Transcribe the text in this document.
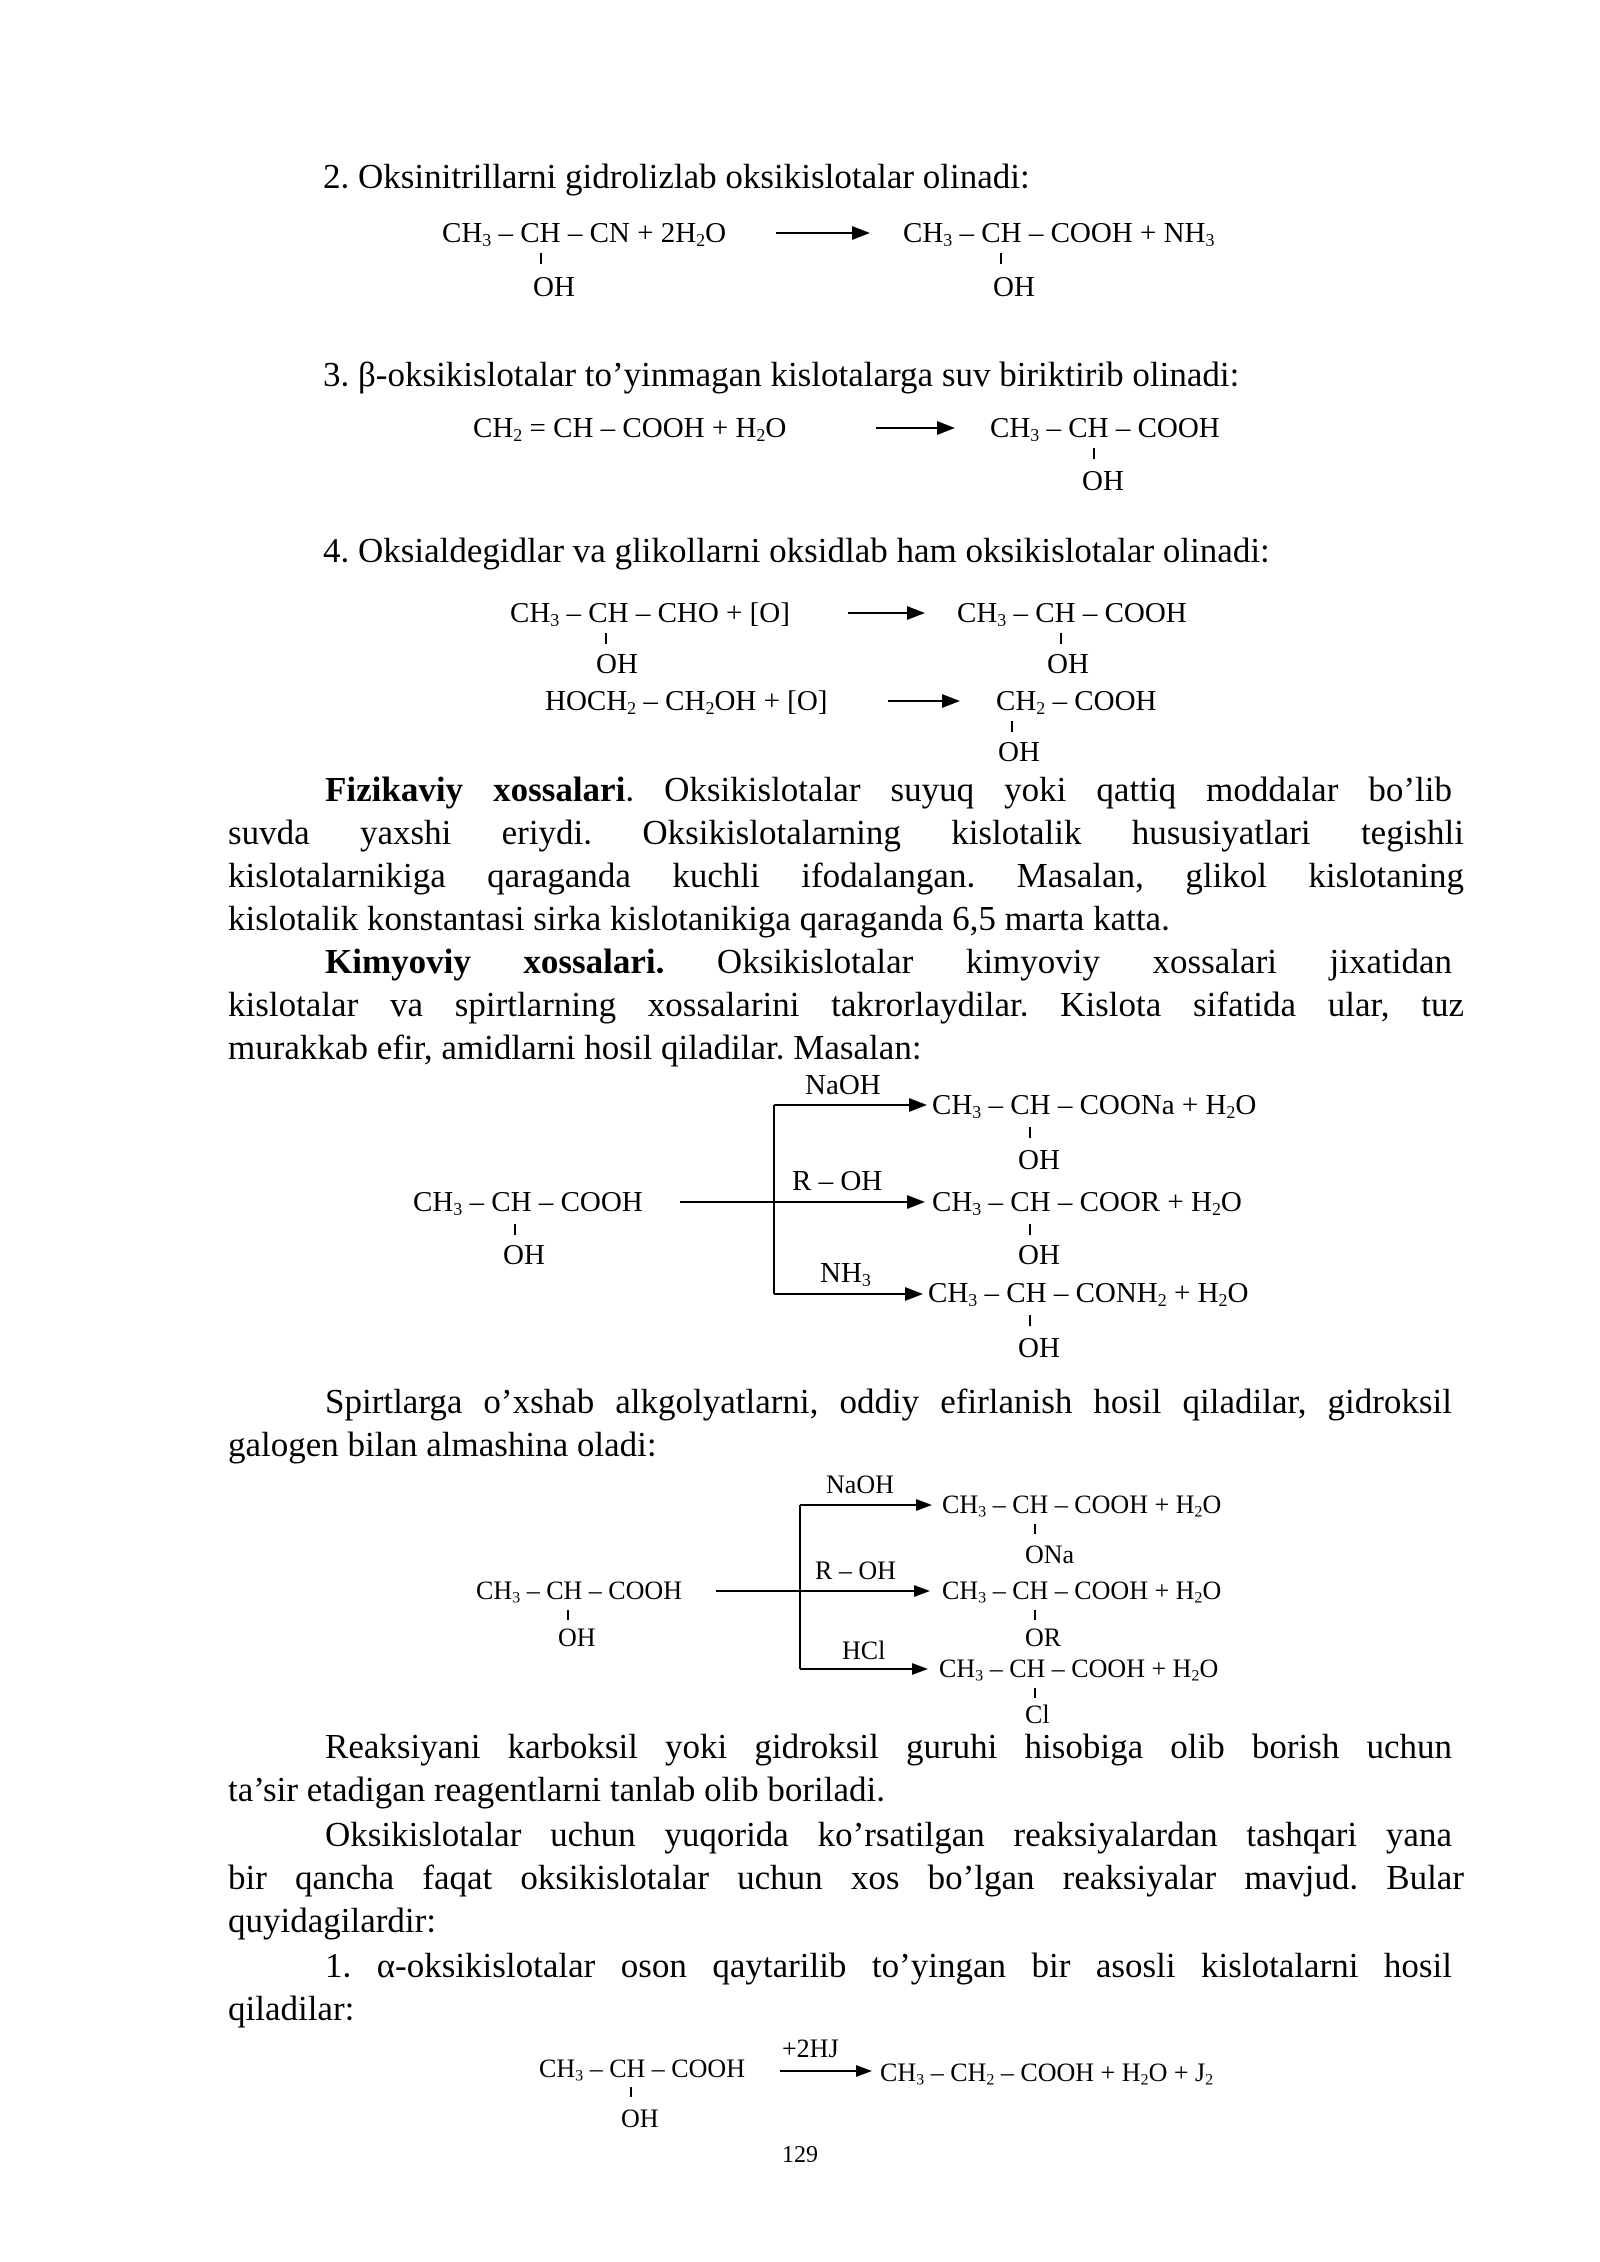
2. Oksinitrillarni gidrolizlab oksikislotalar olinadi:
$CH_3$ – CH – CN + $2H_2O$	$CH_3$ – CH – COOH + $NH_3$
OH	OH
3. β-oksikislotalar to’yinmagan kislotalarga suv biriktirib olinadi:
$CH_2$ = CH – COOH + $H_2O$	$CH_3$ – CH – COOH
OH
4. Oksialdegidlar va glikollarni oksidlab ham oksikislotalar olinadi:
$CH_3$ – CH – CHO + [O]	$CH_3$ – CH – COOH
OH	OH
$HOCH_2 - CH_2OH + [O]$	$CH_2$ – COOH
OH
Fizikaviy xossalari. Oksikislotalar suyuq yoki qattiq moddalar bo’lib
suvda yaxshi eriydi. Oksikislotalarning kislotalik hususiyatlari tegishli
kislotalarnikiga qaraganda kuchli ifodalangan. Masalan, glikol kislotaning
kislotalik konstantasi sirka kislotanikiga qaraganda 6,5 marta katta.
Kimyoviy xossalari. Oksikislotalar kimyoviy xossalari jixatidan
kislotalar va spirtlarning xossalarini takrorlaydilar. Kislota sifatida ular, tuz
murakkab efir, amidlarni hosil qiladilar. Masalan:
NaOH
$CH_3$ – CH – COONa + $H_2O$
OH
$CH_3$ – CH – COOH
OH
R – OH
$CH_3$ – CH – COOR + $H_2O$
OH
$NH_3$ $CH_3$ – CH – $CONH_2 + H_2O$
OH
Spirtlarga o’xshab alkgolyatlarni, oddiy efirlanish hosil qiladilar, gidroksil
galogen bilan almashina oladi:
NaOH
$CH_3$ – CH – COOH + $H_2O$
ONa
$CH_3$ – CH – COOH
OH
R – OH
$CH_3$ – CH – COOH + $H_2O$
OR
HCl
$CH_3$ – CH – COOH + $H_2O$
Cl
Reaksiyani karboksil yoki gidroksil guruhi hisobiga olib borish uchun
ta’sir etadigan reagentlarni tanlab olib boriladi.
Oksikislotalar uchun yuqorida ko’rsatilgan reaksiyalardan tashqari yana
bir qancha faqat oksikislotalar uchun xos bo’lgan reaksiyalar mavjud. Bular
quyidagilardir:
1. α-oksikislotalar oson qaytarilib to’yingan bir asosli kislotalarni hosil
qiladilar:
+2HJ
$CH_3$ – CH – COOH	$CH_3 - CH_2$ – COOH + $H_2O + J_2$
OH
129
